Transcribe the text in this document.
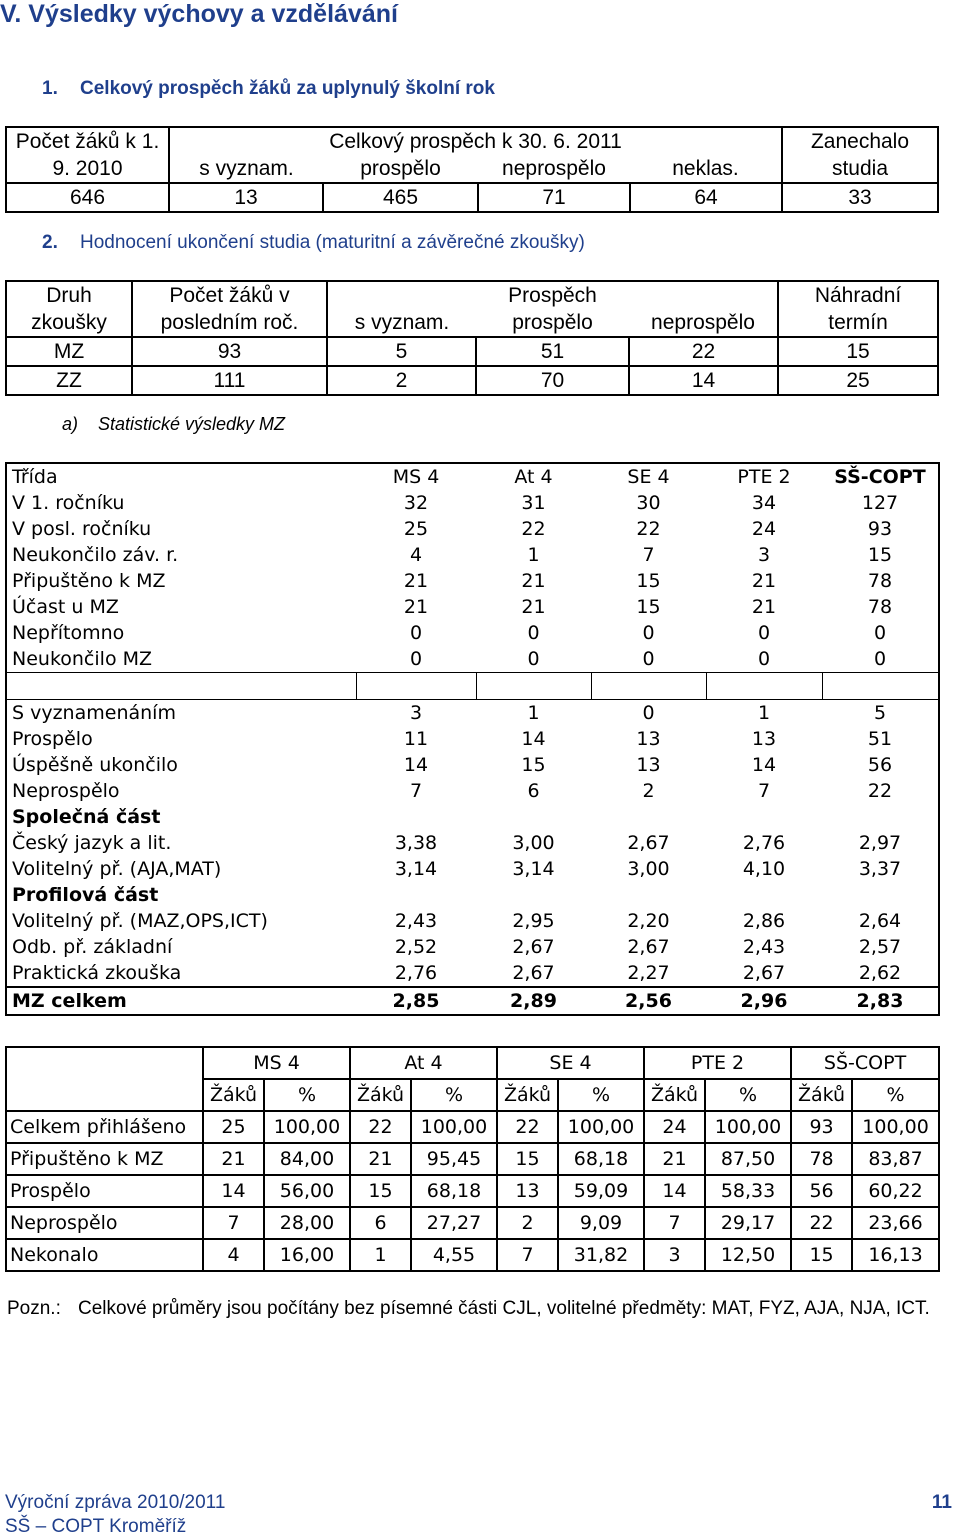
V. Výsledky výchovy a vzdělávání
1. Celkový prospěch žáků za uplynulý školní rok
Počet žáků k 1.	Celkový prospěch k 30. 6. 2011				Zanechalo
9. 2010	s vyznam.	prospělo	neprospělo	neklas.	studia
646	13	465	71	64	33
2. Hodnocení ukončení studia (maturitní a závěrečné zkoušky)
Druh	Počet žáků v	Prospěch			Náhradní
zkoušky	posledním roč.	s vyznam.	prospělo	neprospělo	termín
MZ	93	5	51	22	15
ZZ	111	2	70	14	25
a) Statistické výsledky MZ
Třída	MS 4	At 4	SE 4	PTE 2	SŠ-COPT
V 1. ročníku	32	31	30	34	127
V posl. ročníku	25	22	22	24	93
Neukončilo záv. r.	4	1	7	3	15
Připuštěno k MZ	21	21	15	21	78
Účast u MZ	21	21	15	21	78
Nepřítomno	0	0	0	0	0
Neukončilo MZ	0	0	0	0	0

S vyznamenáním	3	1	0	1	5
Prospělo	11	14	13	13	51
Úspěšně ukončilo	14	15	13	14	56
Neprospělo	7	6	2	7	22
Společná část					
Český jazyk a lit.	3,38	3,00	2,67	2,76	2,97
Volitelný př. (AJA,MAT)	3,14	3,14	3,00	4,10	3,37
Profilová část					
Volitelný př. (MAZ,OPS,ICT)	2,43	2,95	2,20	2,86	2,64
Odb. př. základní	2,52	2,67	2,67	2,43	2,57
Praktická zkouška	2,76	2,67	2,27	2,67	2,62
MZ celkem	2,85	2,89	2,56	2,96	2,83
	MS 4		At 4		SE 4		PTE 2		SŠ-COPT	
	Žáků	%	Žáků	%	Žáků	%	Žáků	%	Žáků	%
Celkem přihlášeno	25	100,00	22	100,00	22	100,00	24	100,00	93	100,00
Připuštěno k MZ	21	84,00	21	95,45	15	68,18	21	87,50	78	83,87
Prospělo	14	56,00	15	68,18	13	59,09	14	58,33	56	60,22
Neprospělo	7	28,00	6	27,27	2	9,09	7	29,17	22	23,66
Nekonalo	4	16,00	1	4,55	7	31,82	3	12,50	15	16,13
Pozn.: Celkové průměry jsou počítány bez písemné části CJL, volitelné předměty: MAT, FYZ, AJA, NJA, ICT.
Výroční zpráva 2010/2011
SŠ – COPT Kroměříž
11
